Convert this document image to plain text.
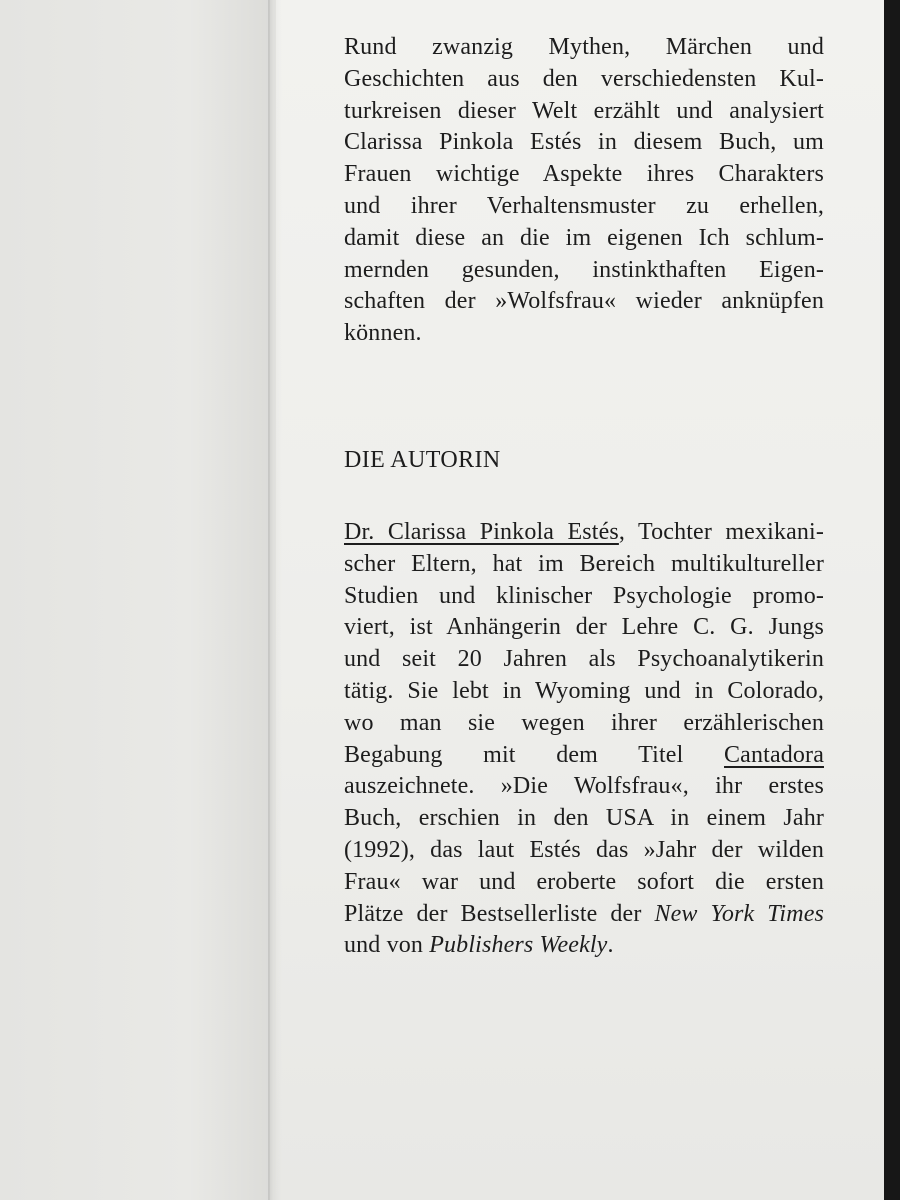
Rund zwanzig Mythen, Märchen und
Geschichten aus den verschiedensten Kul-
turkreisen dieser Welt erzählt und analysiert
Clarissa Pinkola Estés in diesem Buch, um
Frauen wichtige Aspekte ihres Charakters
und ihrer Verhaltensmuster zu erhellen,
damit diese an die im eigenen Ich schlum-
mernden gesunden, instinkthaften Eigen-
schaften der »Wolfsfrau« wieder anknüpfen
können.

DIE AUTORIN

Dr. Clarissa Pinkola Estés, Tochter mexikani-
scher Eltern, hat im Bereich multikultureller
Studien und klinischer Psychologie promo-
viert, ist Anhängerin der Lehre C. G. Jungs
und seit 20 Jahren als Psychoanalytikerin
tätig. Sie lebt in Wyoming und in Colorado,
wo man sie wegen ihrer erzählerischen
Begabung mit dem Titel Cantadora
auszeichnete. »Die Wolfsfrau«, ihr erstes
Buch, erschien in den USA in einem Jahr
(1992), das laut Estés das »Jahr der wilden
Frau« war und eroberte sofort die ersten
Plätze der Bestsellerliste der New York Times
und von Publishers Weekly.
